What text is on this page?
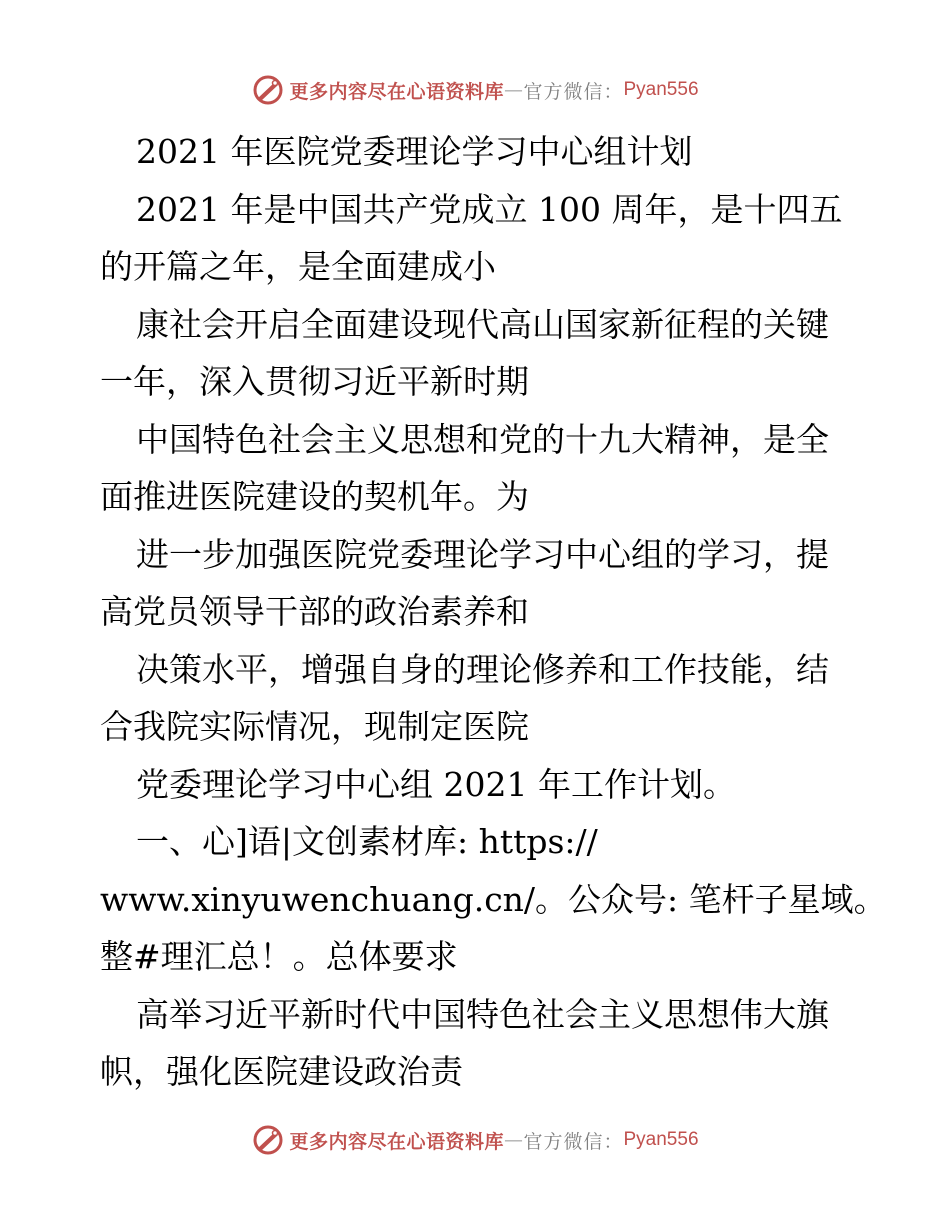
更多内容尽在心语资料库 — 官方微信： Pyan556
2021 年医院党委理论学习中心组计划
2021 年是中国共产党成立 100 周年，是十四五
的开篇之年，是全面建成小
康社会开启全面建设现代高山国家新征程的关键
一年，深入贯彻习近平新时期
中国特色社会主义思想和党的十九大精神，是全
面推进医院建设的契机年。为
进一步加强医院党委理论学习中心组的学习，提
高党员领导干部的政治素养和
决策水平，增强自身的理论修养和工作技能，结
合我院实际情况，现制定医院
党委理论学习中心组 2021 年工作计划。
一、心]语|文创素材库: https://
www.xinyuwenchuang.cn/。公众号: 笔杆子星域。
整#理汇总！。总体要求
高举习近平新时代中国特色社会主义思想伟大旗
帜，强化医院建设政治责
更多内容尽在心语资料库 — 官方微信： Pyan556
